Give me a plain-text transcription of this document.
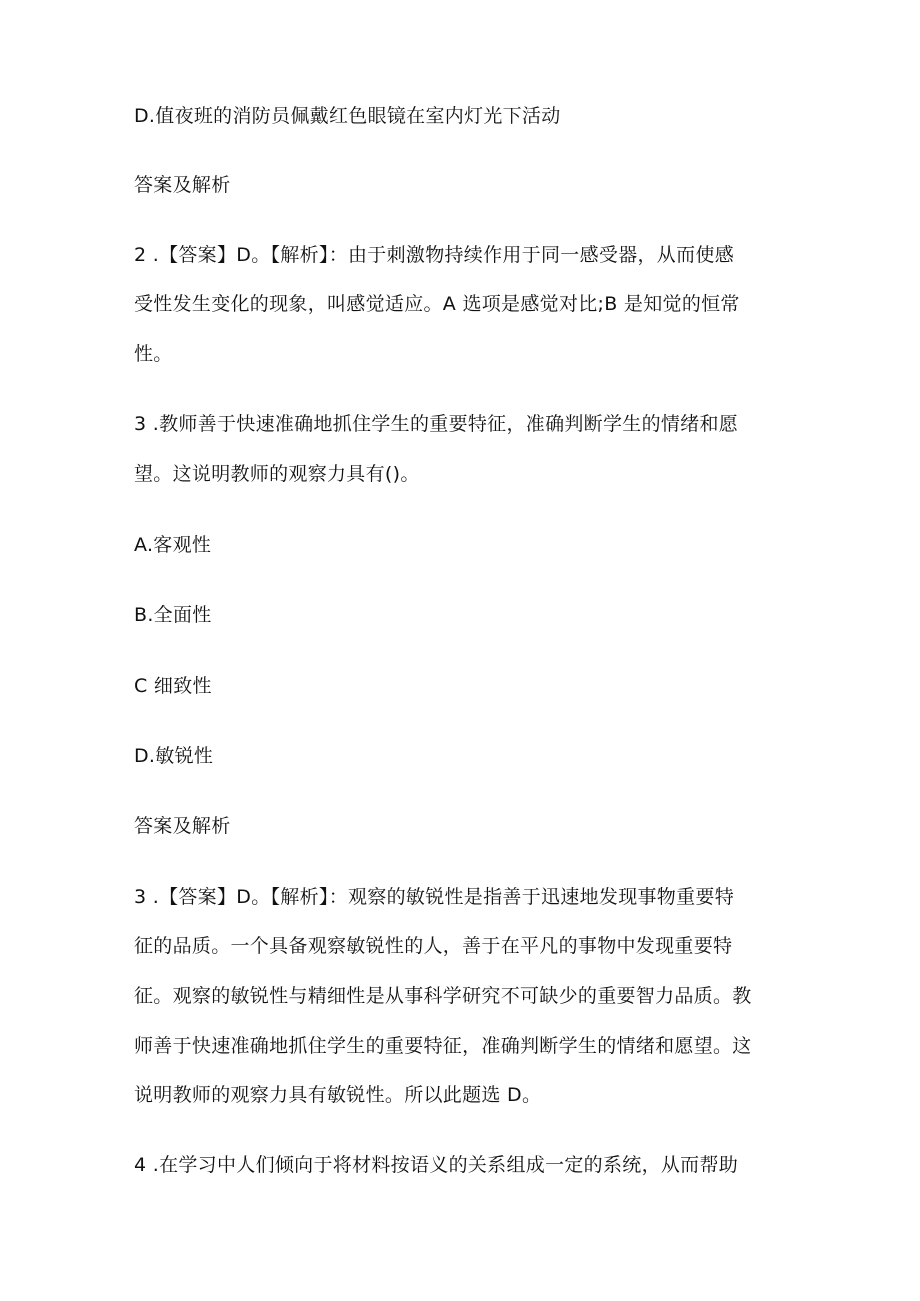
D.值夜班的消防员佩戴红色眼镜在室内灯光下活动
答案及解析
2 .【答案】D。【解析】：由于刺激物持续作用于同一感受器，从而使感
受性发生变化的现象，叫感觉适应。A 选项是感觉对比;B 是知觉的恒常
性。
3 .教师善于快速准确地抓住学生的重要特征，准确判断学生的情绪和愿
望。这说明教师的观察力具有()。
A.客观性
B.全面性
C 细致性
D.敏锐性
答案及解析
3 .【答案】D。【解析】：观察的敏锐性是指善于迅速地发现事物重要特
征的品质。一个具备观察敏锐性的人，善于在平凡的事物中发现重要特
征。观察的敏锐性与精细性是从事科学研究不可缺少的重要智力品质。教
师善于快速准确地抓住学生的重要特征，准确判断学生的情绪和愿望。这
说明教师的观察力具有敏锐性。所以此题选 D。
4 .在学习中人们倾向于将材料按语义的关系组成一定的系统，从而帮助
